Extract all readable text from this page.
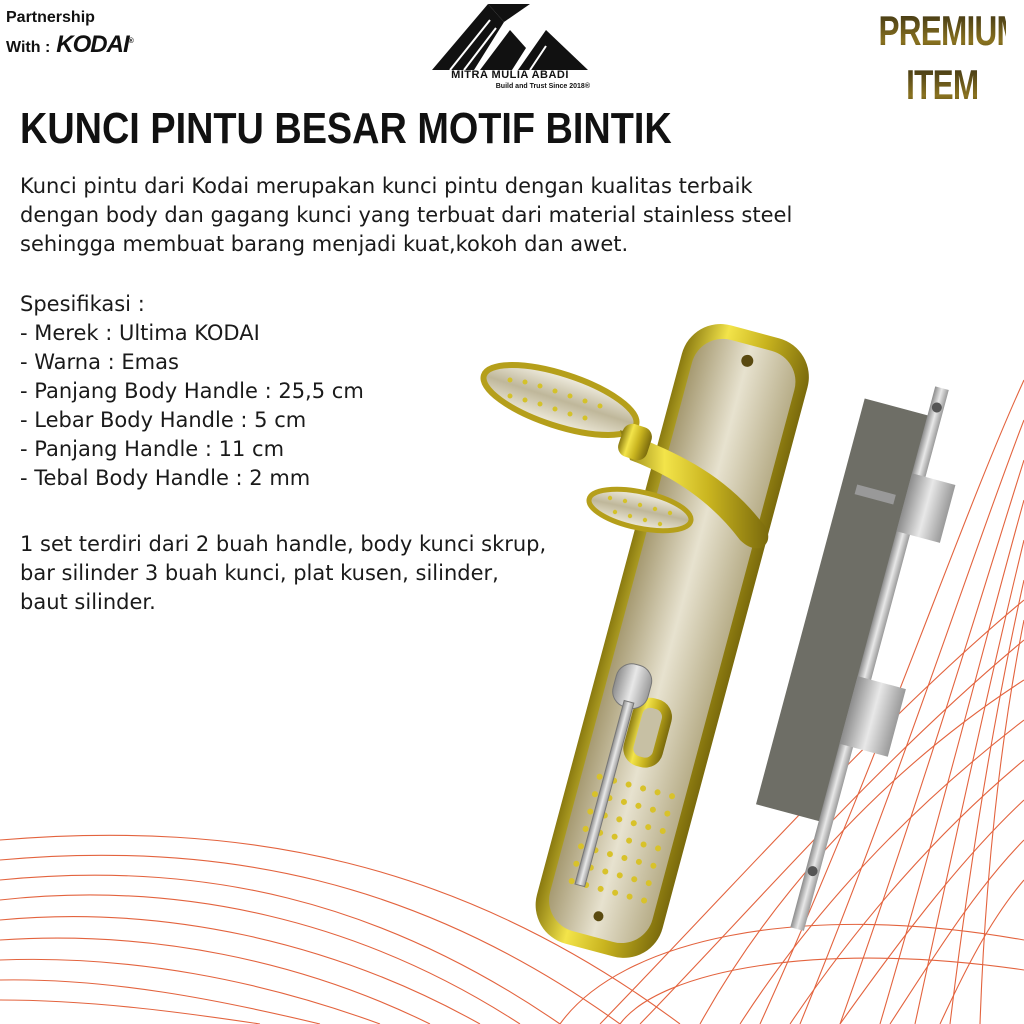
Partnership
With : KODAI®
MITRA MULIA ABADI
Build and Trust Since 2018®
PREMIUM
ITEM
KUNCI PINTU BESAR MOTIF BINTIK

Kunci pintu dari Kodai merupakan kunci pintu dengan kualitas terbaik

dengan body dan gagang kunci yang terbuat dari material stainless steel

sehingga membuat barang menjadi kuat,kokoh dan awet.

Spesifikasi :
- Merek : Ultima KODAI
- Warna : Emas
- Panjang Body Handle : 25,5 cm
- Lebar Body Handle : 5 cm
- Panjang Handle : 11 cm
- Tebal Body Handle : 2 mm
1 set terdiri dari 2 buah handle, body kunci skrup,
bar silinder 3 buah kunci, plat kusen, silinder,
baut silinder.
